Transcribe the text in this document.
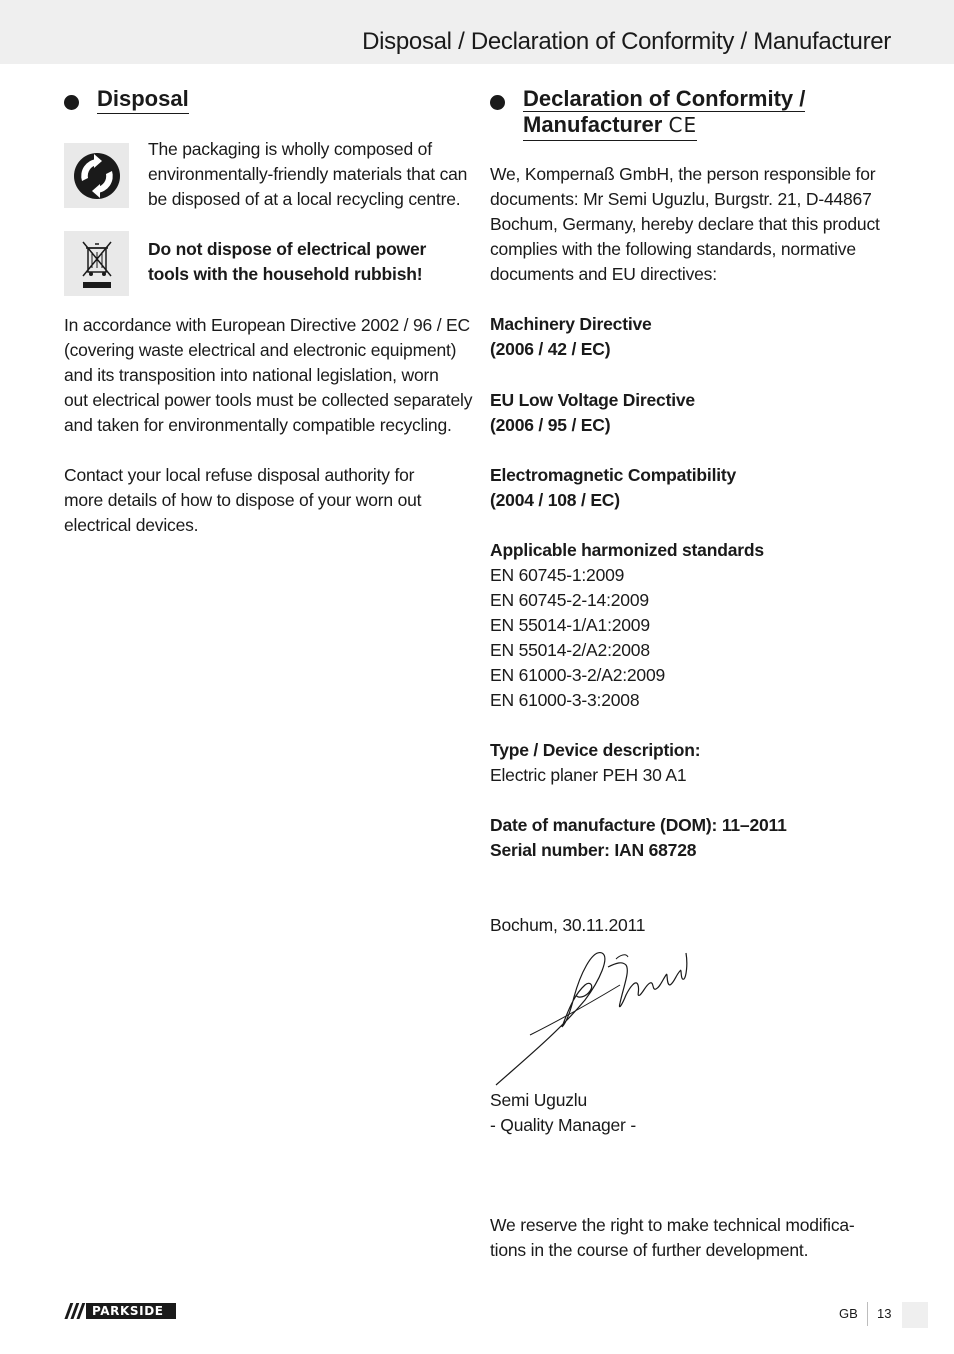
Disposal / Declaration of Conformity / Manufacturer
Disposal

The packaging is wholly composed of
environmentally-friendly materials that can
be disposed of at a local recycling centre.

Do not dispose of electrical power
tools with the household rubbish!

In accordance with European Directive 2002 / 96 / EC
(covering waste electrical and electronic equipment)
and its transposition into national legislation, worn
out electrical power tools must be collected separately
and taken for environmentally compatible recycling.

Contact your local refuse disposal authority for
more details of how to dispose of your worn out
electrical devices.

Declaration of Conformity /
Manufacturer CE

We, Kompernaß GmbH, the person responsible for
documents: Mr Semi Uguzlu, Burgstr. 21, D-44867
Bochum, Germany, hereby declare that this product
complies with the following standards, normative
documents and EU directives:

Machinery Directive
(2006 / 42 / EC)

EU Low Voltage Directive
(2006 / 95 / EC)

Electromagnetic Compatibility
(2004 / 108 / EC)

Applicable harmonized standards
EN 60745-1:2009
EN 60745-2-14:2009
EN 55014-1/A1:2009
EN 55014-2/A2:2008
EN 61000-3-2/A2:2009
EN 61000-3-3:2008

Type / Device description:
Electric planer PEH 30 A1

Date of manufacture (DOM): 11–2011
Serial number: IAN 68728

Bochum, 30.11.2011

Semi Uguzlu
- Quality Manager -

We reserve the right to make technical modifica-
tions in the course of further development.

PARKSIDE	GB 13
